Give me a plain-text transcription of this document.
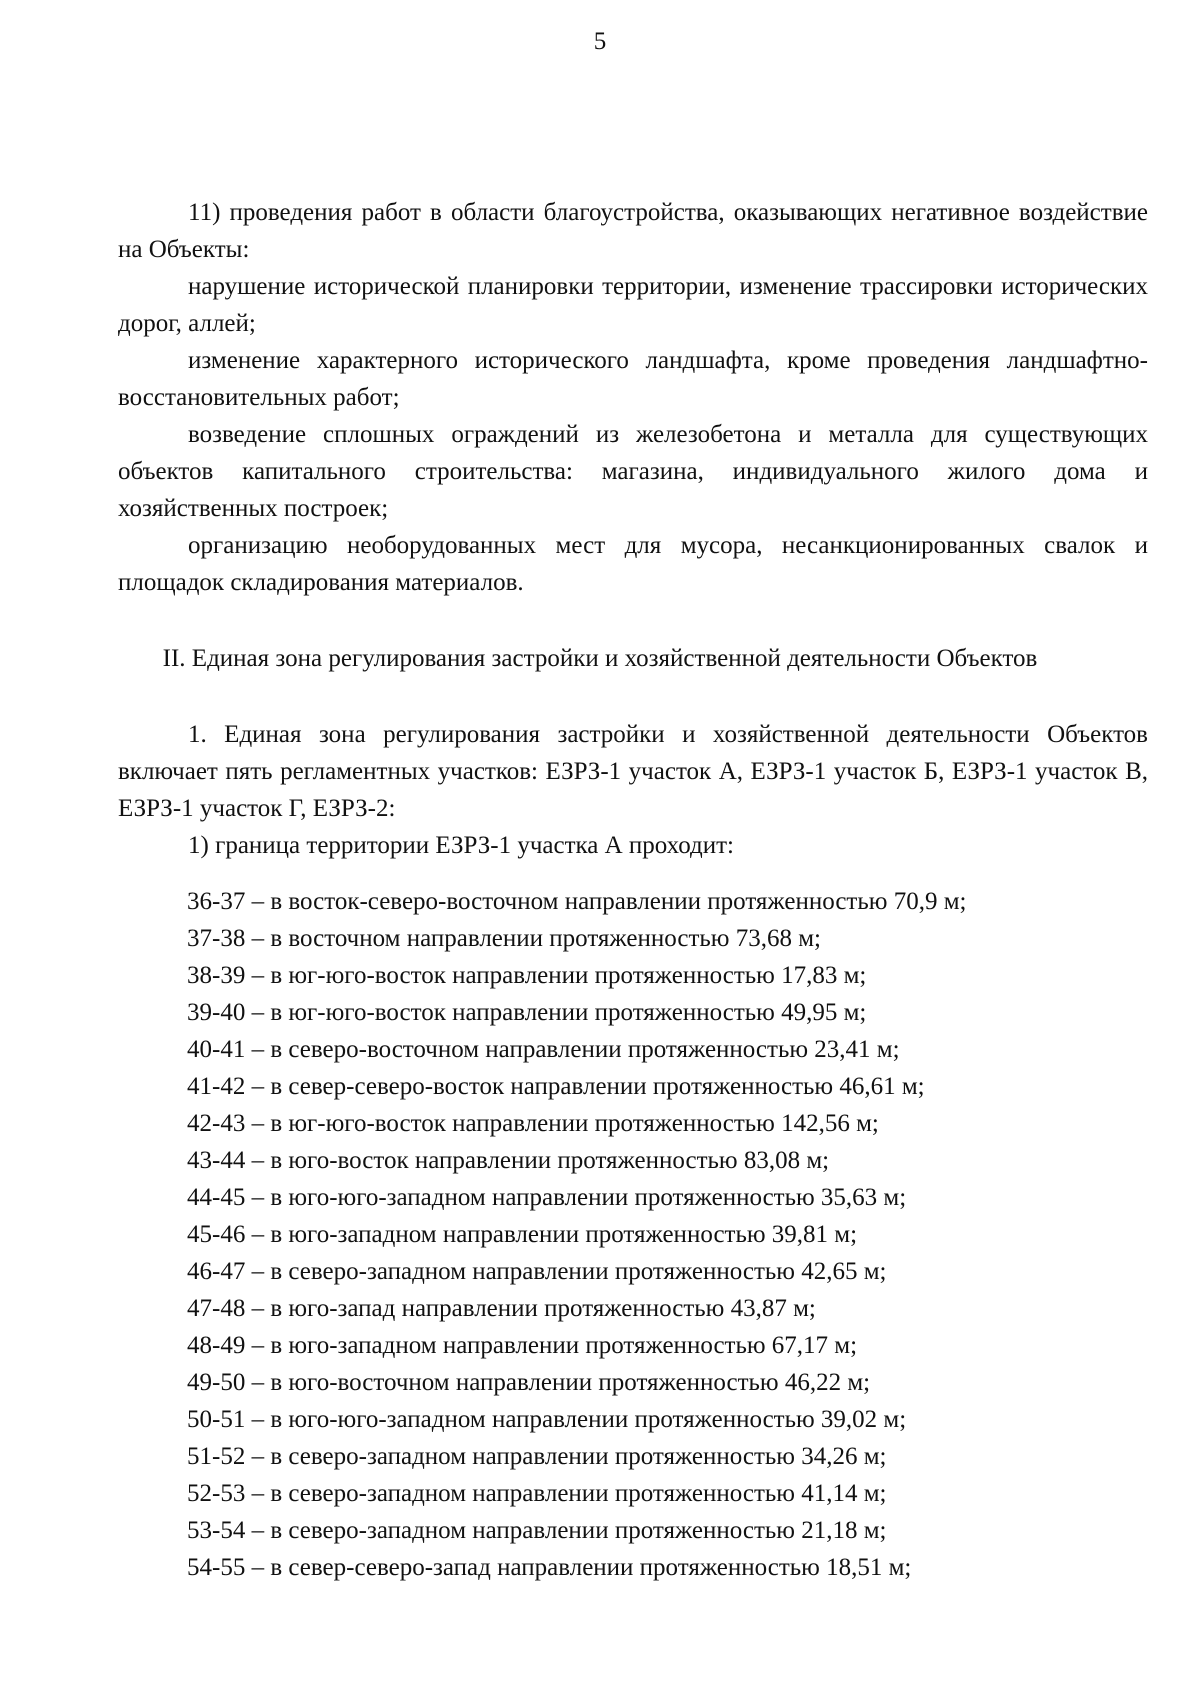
5
11) проведения работ в области благоустройства, оказывающих негативное воздействие на Объекты:
нарушение исторической планировки территории, изменение трассировки исторических дорог, аллей;
изменение характерного исторического ландшафта, кроме проведения ландшафтно-восстановительных работ;
возведение сплошных ограждений из железобетона и металла для существующих объектов капитального строительства: магазина, индивидуального жилого дома и хозяйственных построек;
организацию необорудованных мест для мусора, несанкционированных свалок и площадок складирования материалов.
II. Единая зона регулирования застройки и хозяйственной деятельности Объектов
1. Единая зона регулирования застройки и хозяйственной деятельности Объектов включает пять регламентных участков: ЕЗРЗ-1 участок А, ЕЗРЗ-1 участок Б, ЕЗРЗ-1 участок В, ЕЗРЗ-1 участок Г, ЕЗРЗ-2:
1) граница территории ЕЗРЗ-1 участка А проходит:
36-37 – в восток-северо-восточном направлении протяженностью 70,9 м;
37-38 – в восточном направлении протяженностью 73,68 м;
38-39 – в юг-юго-восток направлении протяженностью 17,83 м;
39-40 – в юг-юго-восток направлении протяженностью 49,95 м;
40-41 – в северо-восточном направлении протяженностью 23,41 м;
41-42 – в север-северо-восток направлении протяженностью 46,61 м;
42-43 – в юг-юго-восток направлении протяженностью 142,56 м;
43-44 – в юго-восток направлении протяженностью 83,08 м;
44-45 – в юго-юго-западном направлении протяженностью 35,63 м;
45-46 – в юго-западном направлении протяженностью 39,81 м;
46-47 – в северо-западном направлении протяженностью 42,65 м;
47-48 – в юго-запад направлении протяженностью 43,87 м;
48-49 – в юго-западном направлении протяженностью 67,17 м;
49-50 – в юго-восточном направлении протяженностью 46,22 м;
50-51 – в юго-юго-западном направлении протяженностью 39,02 м;
51-52 – в северо-западном направлении протяженностью 34,26 м;
52-53 – в северо-западном направлении протяженностью 41,14 м;
53-54 – в северо-западном направлении протяженностью 21,18 м;
54-55 – в север-северо-запад направлении протяженностью 18,51 м;
